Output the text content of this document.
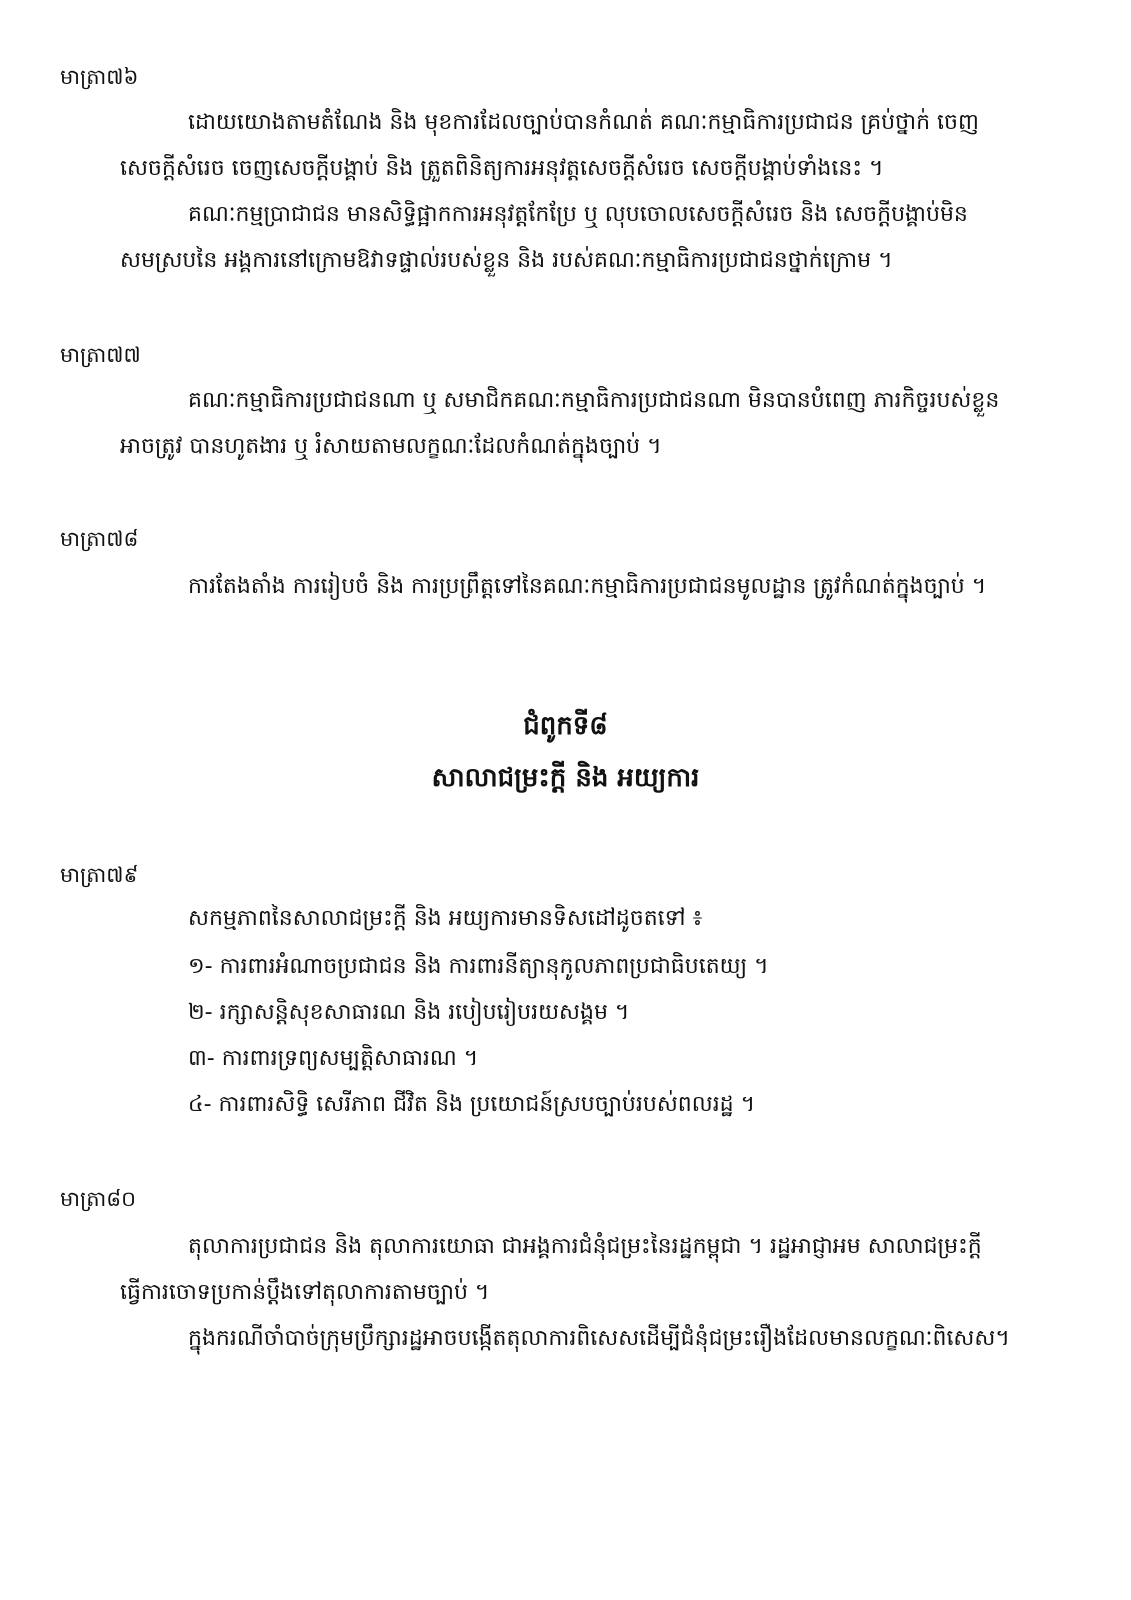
មាត្រា៧៦
ដោយយោងតាមតំណែង និង មុខការដែលច្បាប់បានកំណត់ គណៈកម្មាធិការប្រជាជន គ្រប់ថ្នាក់ ចេញ
សេចក្តីសំរេច ចេញសេចក្តីបង្គាប់ និង ត្រួតពិនិត្យការអនុវត្តសេចក្តីសំរេច សេចក្តីបង្គាប់ទាំងនេះ ។
គណៈកម្មប្រាជាជន មានសិទ្ធិផ្អាកការអនុវត្តកែប្រែ ឬ លុបចោលសេចក្តីសំរេច និង សេចក្តីបង្គាប់មិន
សមស្របនៃ អង្គការនៅក្រោមឱវាទផ្ទាល់របស់ខ្លួន និង របស់គណៈកម្មាធិការប្រជាជនថ្នាក់ក្រោម ។
មាត្រា៧៧
គណៈកម្មាធិការប្រជាជនណា ឬ សមាជិកគណៈកម្មាធិការប្រជាជនណា មិនបានបំពេញ ភារកិច្ចរបស់ខ្លួន
អាចត្រូវ បានហូតងារ ឬ រំសាយតាមលក្ខណៈដែលកំណត់ក្នុងច្បាប់ ។
មាត្រា៧៨
ការតែងតាំង ការរៀបចំ និង ការប្រព្រឹត្តទៅនៃគណៈកម្មាធិការប្រជាជនមូលដ្ឋាន ត្រូវកំណត់ក្នុងច្បាប់ ។
ជំពូកទី៨
សាលាជម្រះក្តី និង អយ្យការ
មាត្រា៧៩
សកម្មភាពនៃសាលាជម្រះក្តី និង អយ្យការមានទិសដៅដូចតទៅ ៖
១- ការពារអំណាចប្រជាជន និង ការពារនីត្យានុកូលភាពប្រជាធិបតេយ្យ ។
២- រក្សាសន្តិសុខសាធារណ និង របៀបរៀបរយសង្គម ។
៣- ការពារទ្រព្យសម្បត្តិសាធារណ ។
៤- ការពារសិទ្ធិ សេរីភាព ជីវិត និង ប្រយោជន៍ស្របច្បាប់របស់ពលរដ្ឋ ។
មាត្រា៨០
តុលាការប្រជាជន និង តុលាការយោធា ជាអង្គការជំនុំជម្រះនៃរដ្ឋកម្ពុជា ។ រដ្ឋអាជ្ញាអម សាលាជម្រះក្តី
ធ្វើការចោទប្រកាន់ប្តឹងទៅតុលាការតាមច្បាប់ ។
ក្នុងករណីចាំបាច់ក្រុមប្រឹក្សារដ្ឋអាចបង្កើតតុលាការពិសេសដើម្បីជំនុំជម្រះរឿងដែលមានលក្ខណៈពិសេស។
